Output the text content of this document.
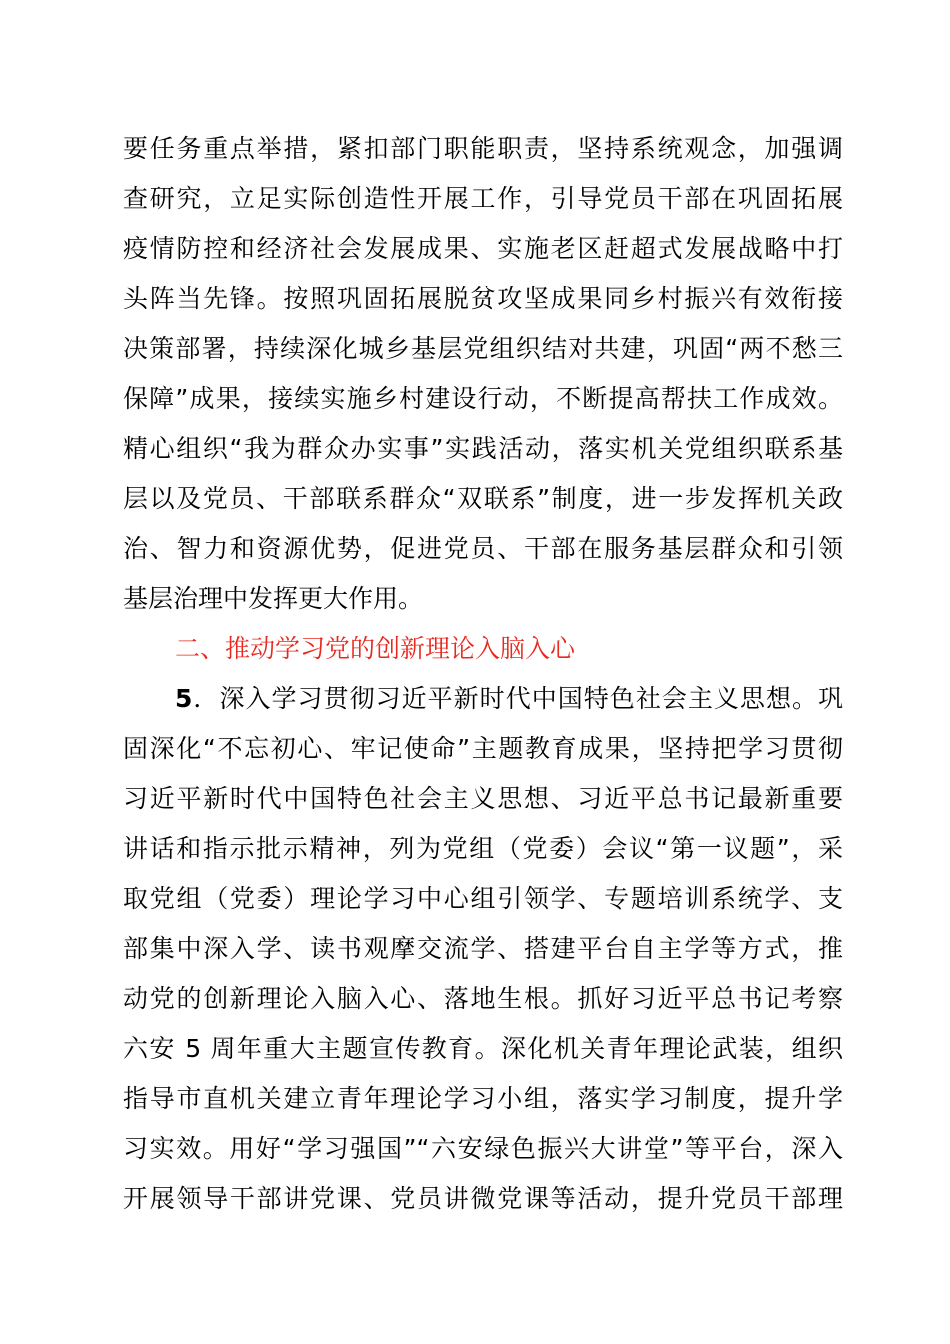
要任务重点举措，紧扣部门职能职责，坚持系统观念，加强调
查研究，立足实际创造性开展工作，引导党员干部在巩固拓展
疫情防控和经济社会发展成果、实施老区赶超式发展战略中打
头阵当先锋。按照巩固拓展脱贫攻坚成果同乡村振兴有效衔接
决策部署，持续深化城乡基层党组织结对共建，巩固“两不愁三
保障”成果，接续实施乡村建设行动，不断提高帮扶工作成效。
精心组织“我为群众办实事”实践活动，落实机关党组织联系基
层以及党员、干部联系群众“双联系”制度，进一步发挥机关政
治、智力和资源优势，促进党员、干部在服务基层群众和引领
基层治理中发挥更大作用。
二、推动学习党的创新理论入脑入心
5．深入学习贯彻习近平新时代中国特色社会主义思想。巩
固深化“不忘初心、牢记使命”主题教育成果，坚持把学习贯彻
习近平新时代中国特色社会主义思想、习近平总书记最新重要
讲话和指示批示精神，列为党组（党委）会议“第一议题”，采
取党组（党委）理论学习中心组引领学、专题培训系统学、支
部集中深入学、读书观摩交流学、搭建平台自主学等方式，推
动党的创新理论入脑入心、落地生根。抓好习近平总书记考察
六安 5 周年重大主题宣传教育。深化机关青年理论武装，组织
指导市直机关建立青年理论学习小组，落实学习制度，提升学
习实效。用好“学习强国”“六安绿色振兴大讲堂”等平台，深入
开展领导干部讲党课、党员讲微党课等活动，提升党员干部理
